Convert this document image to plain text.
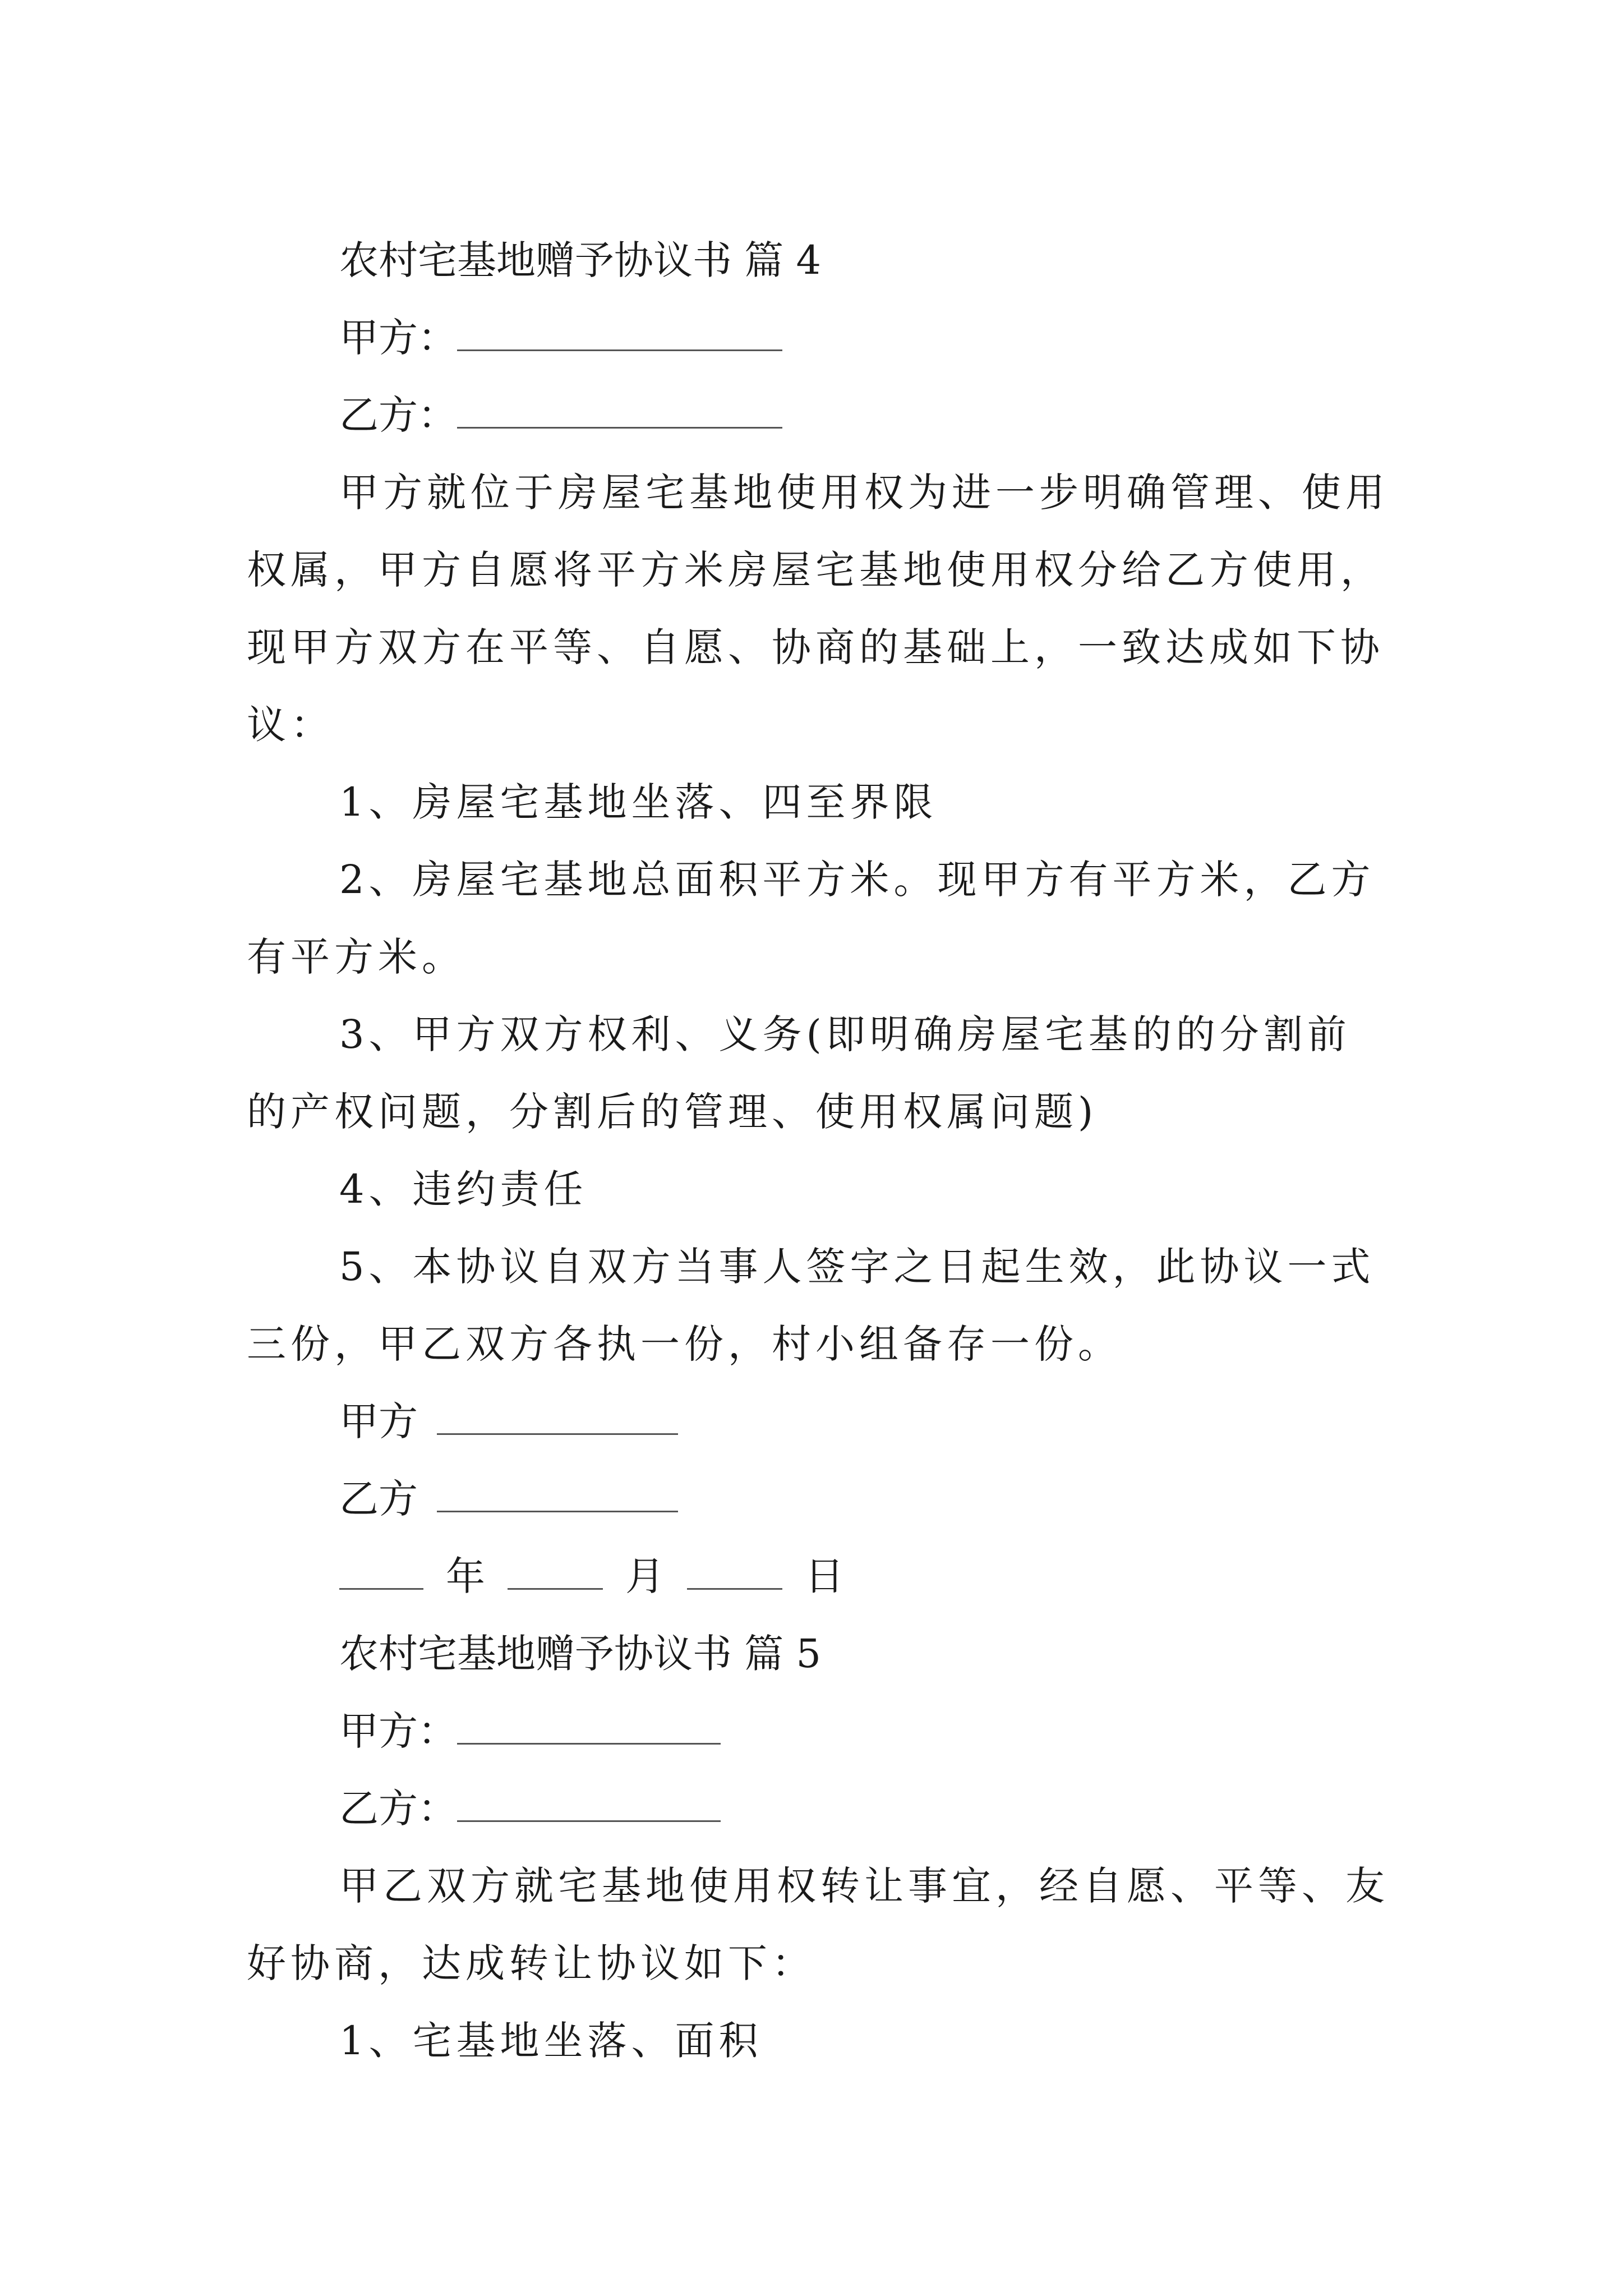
农村宅基地赠予协议书 篇 4

甲方：

乙方：

甲方就位于房屋宅基地使用权为进一步明确管理、使用权属，甲方自愿将平方米房屋宅基地使用权分给乙方使用，现甲方双方在平等、自愿、协商的基础上，一致达成如下协议：

1、房屋宅基地坐落、四至界限

2、房屋宅基地总面积平方米。现甲方有平方米，乙方有平方米。

3、甲方双方权利、义务(即明确房屋宅基的的分割前的产权问题，分割后的管理、使用权属问题)

4、违约责任

5、本协议自双方当事人签字之日起生效，此协议一式三份，甲乙双方各执一份，村小组备存一份。

甲方

乙方

年	月	日

农村宅基地赠予协议书 篇 5

甲方：

乙方：

甲乙双方就宅基地使用权转让事宜，经自愿、平等、友好协商，达成转让协议如下：

1、宅基地坐落、面积
